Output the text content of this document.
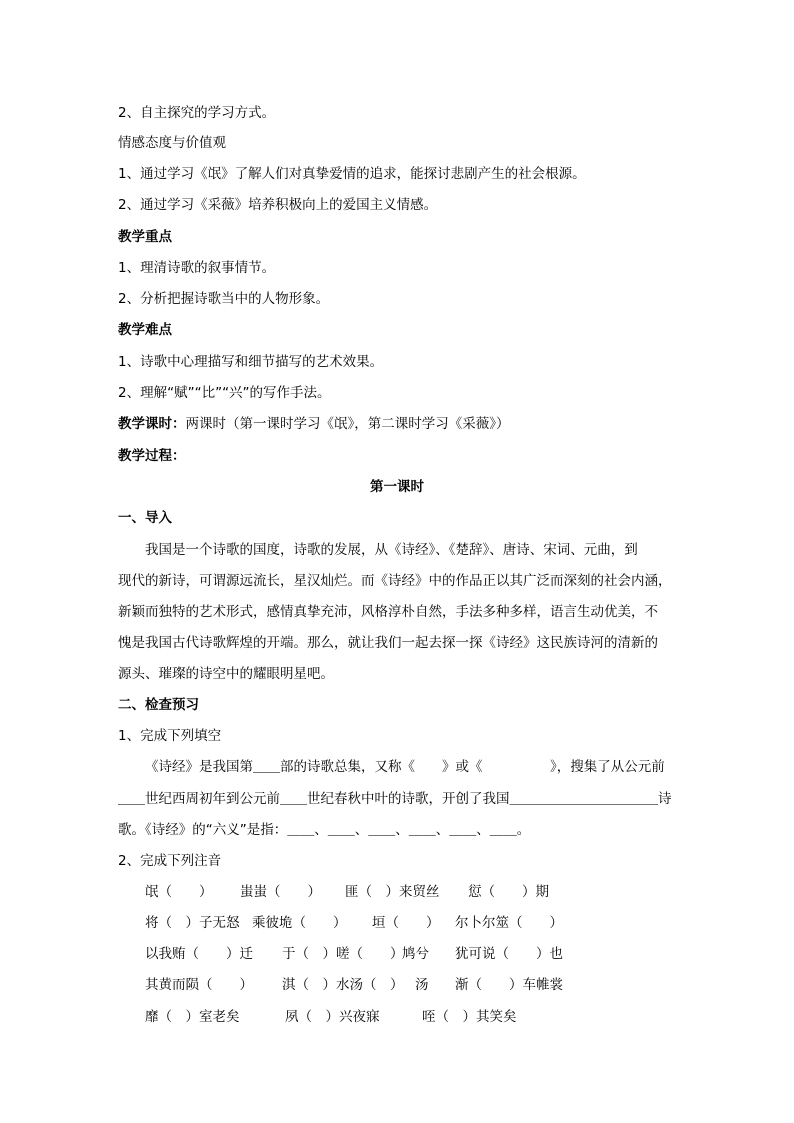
2、自主探究的学习方式。
情感态度与价值观
1、通过学习《氓》了解人们对真挚爱情的追求，能探讨悲剧产生的社会根源。
2、通过学习《采薇》培养积极向上的爱国主义情感。
教学重点
1、理清诗歌的叙事情节。
2、分析把握诗歌当中的人物形象。
教学难点
1、诗歌中心理描写和细节描写的艺术效果。
2、理解“赋”“比”“兴”的写作手法。
教学课时：两课时（第一课时学习《氓》，第二课时学习《采薇》）
教学过程：
第一课时
一、导入
我国是一个诗歌的国度，诗歌的发展，从《诗经》、《楚辞》、唐诗、宋词、元曲，到
现代的新诗，可谓源远流长，星汉灿烂。而《诗经》中的作品正以其广泛而深刻的社会内涵，
新颖而独特的艺术形式，感情真挚充沛，风格淳朴自然，手法多种多样，语言生动优美，不
愧是我国古代诗歌辉煌的开端。那么，就让我们一起去探一探《诗经》这民族诗河的清新的
源头、璀璨的诗空中的耀眼明星吧。
二、检查预习
1、完成下列填空
《诗经》是我国第＿＿部的诗歌总集，又称《　　》或《　　　　　》，搜集了从公元前
＿＿世纪西周初年到公元前＿＿世纪春秋中叶的诗歌，开创了我国＿＿＿＿＿＿＿＿＿＿＿诗
歌。《诗经》的“六义”是指：＿＿、＿＿、＿＿、＿＿、＿＿、＿＿。
2、完成下列注音
氓（　　） 蚩蚩（　　） 匪（　）来贸丝 愆（　　）期
将（　）子无怒 乘彼垝（　　） 垣（　　） 尔卜尔筮（　　）
以我贿（　　）迁 于（　）嗟（　　）
鸠兮 犹可说（　　）也
其黄而陨（　　） 淇（　）水汤（　） 汤 渐（　　）车帷裳
靡（　）室老矣	夙（　）兴夜寐	咥（　）其笑矣
